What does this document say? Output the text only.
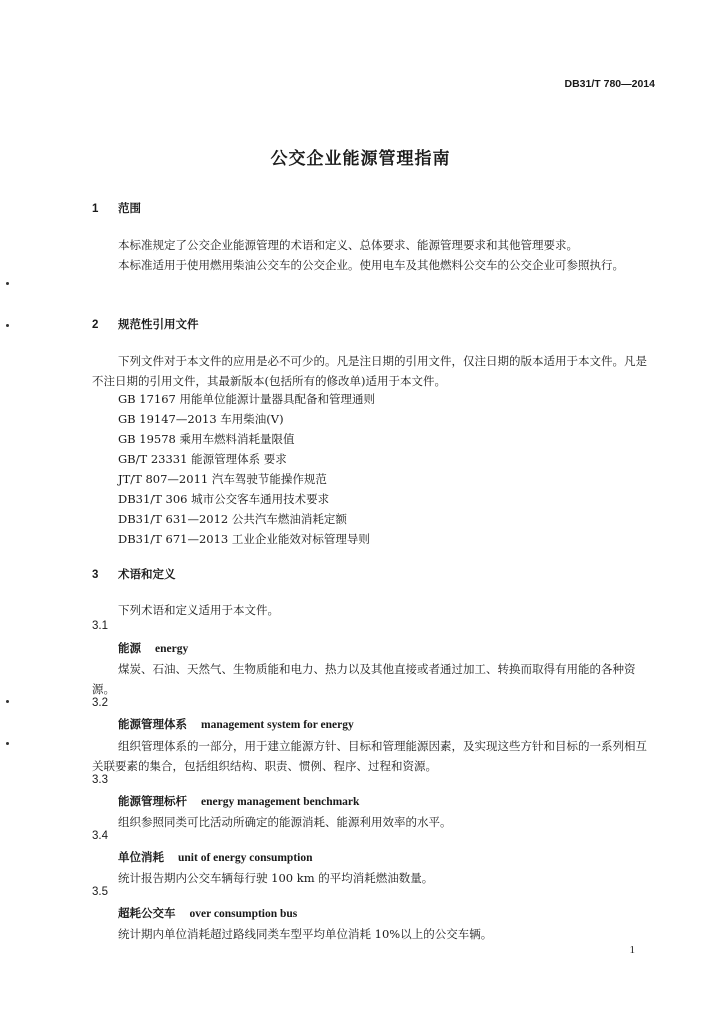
DB31/T 780—2014
公交企业能源管理指南
1 范围
本标准规定了公交企业能源管理的术语和定义、总体要求、能源管理要求和其他管理要求。
本标准适用于使用燃用柴油公交车的公交企业。使用电车及其他燃料公交车的公交企业可参照执行。
2 规范性引用文件
下列文件对于本文件的应用是必不可少的。凡是注日期的引用文件，仅注日期的版本适用于本文件。凡是不注日期的引用文件，其最新版本(包括所有的修改单)适用于本文件。
GB 17167 用能单位能源计量器具配备和管理通则
GB 19147—2013 车用柴油(Ⅴ)
GB 19578 乘用车燃料消耗量限值
GB/T 23331 能源管理体系 要求
JT/T 807—2011 汽车驾驶节能操作规范
DB31/T 306 城市公交客车通用技术要求
DB31/T 631—2012 公共汽车燃油消耗定额
DB31/T 671—2013 工业企业能效对标管理导则
3 术语和定义
下列术语和定义适用于本文件。
3.1
能源 energy
煤炭、石油、天然气、生物质能和电力、热力以及其他直接或者通过加工、转换而取得有用能的各种资源。
3.2
能源管理体系 management system for energy
组织管理体系的一部分，用于建立能源方针、目标和管理能源因素，及实现这些方针和目标的一系列相互关联要素的集合，包括组织结构、职责、惯例、程序、过程和资源。
3.3
能源管理标杆 energy management benchmark
组织参照同类可比活动所确定的能源消耗、能源利用效率的水平。
3.4
单位消耗 unit of energy consumption
统计报告期内公交车辆每行驶 100 km 的平均消耗燃油数量。
3.5
超耗公交车 over consumption bus
统计期内单位消耗超过路线同类车型平均单位消耗 10%以上的公交车辆。
1
